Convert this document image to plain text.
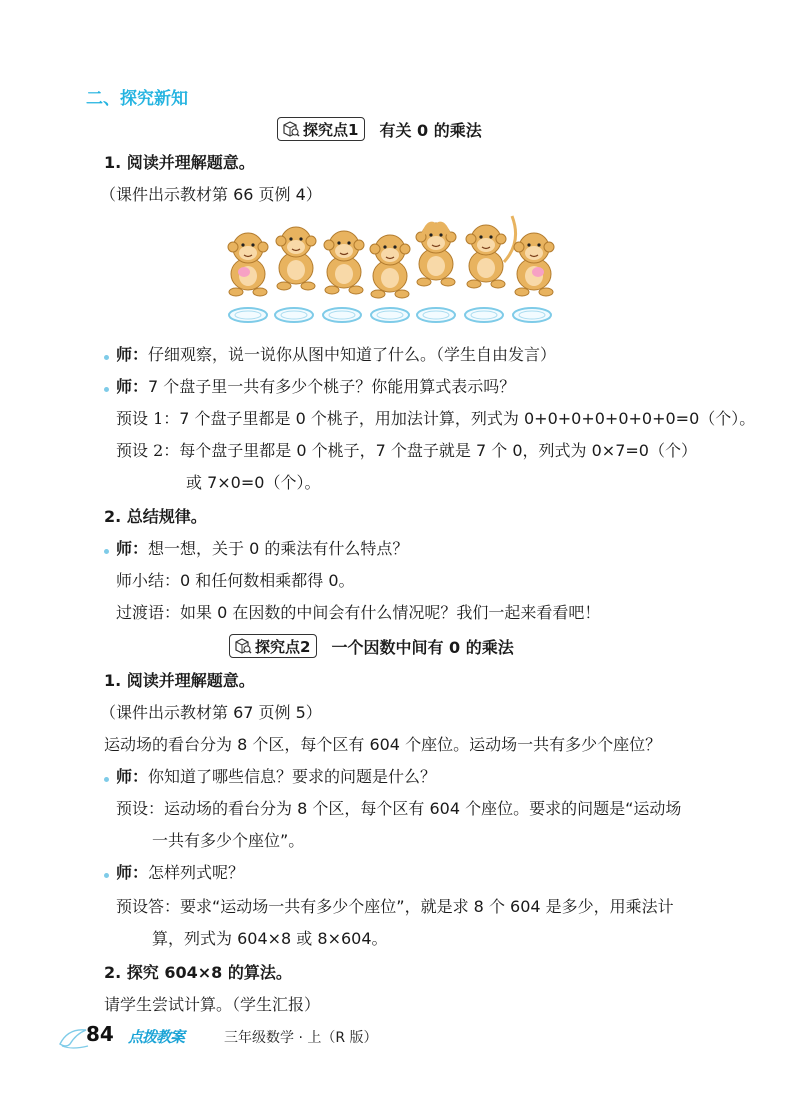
二、探究新知
探究点1 有关 0 的乘法
1. 阅读并理解题意。
（课件出示教材第 66 页例 4）
师：仔细观察，说一说你从图中知道了什么。（学生自由发言）
师：7 个盘子里一共有多少个桃子？你能用算式表示吗？
预设 1：7 个盘子里都是 0 个桃子，用加法计算，列式为 0+0+0+0+0+0+0=0（个）。
预设 2：每个盘子里都是 0 个桃子，7 个盘子就是 7 个 0，列式为 0×7=0（个）
或 7×0=0（个）。
2. 总结规律。
师：想一想，关于 0 的乘法有什么特点？
师小结：0 和任何数相乘都得 0。
过渡语：如果 0 在因数的中间会有什么情况呢？我们一起来看看吧！
探究点2 一个因数中间有 0 的乘法
1. 阅读并理解题意。
（课件出示教材第 67 页例 5）
运动场的看台分为 8 个区，每个区有 604 个座位。运动场一共有多少个座位？
师：你知道了哪些信息？要求的问题是什么？
预设：运动场的看台分为 8 个区，每个区有 604 个座位。要求的问题是“运动场
一共有多少个座位”。
师：怎样列式呢？
预设答：要求“运动场一共有多少个座位”，就是求 8 个 604 是多少，用乘法计
算，列式为 604×8 或 8×604。
2. 探究 604×8 的算法。
请学生尝试计算。（学生汇报）
84 点拨教案	三年级数学 · 上（R 版）
